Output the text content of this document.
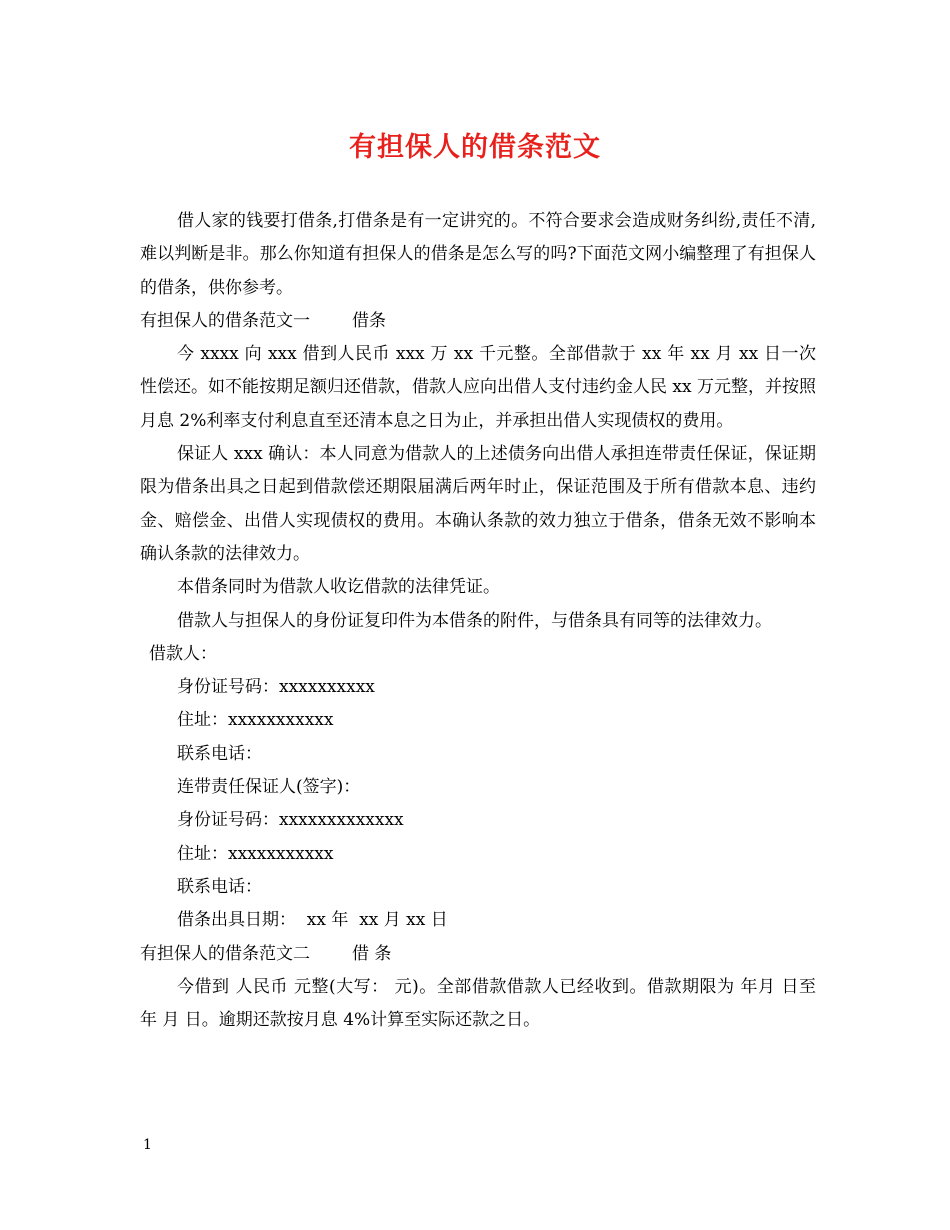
有担保人的借条范文

借人家的钱要打借条,打借条是有一定讲究的。不符合要求会造成财务纠纷,责任不清,难以判断是非。那么你知道有担保人的借条是怎么写的吗?下面范文网小编整理了有担保人的借条，供你参考。

有担保人的借条范文一 借条

今 xxxx 向 xxx 借到人民币 xxx 万 xx 千元整。全部借款于 xx 年 xx 月 xx 日一次性偿还。如不能按期足额归还借款，借款人应向出借人支付违约金人民 xx 万元整，并按照月息 2%利率支付利息直至还清本息之日为止，并承担出借人实现债权的费用。

保证人 xxx 确认：本人同意为借款人的上述债务向出借人承担连带责任保证，保证期限为借条出具之日起到借款偿还期限届满后两年时止，保证范围及于所有借款本息、违约金、赔偿金、出借人实现债权的费用。本确认条款的效力独立于借条，借条无效不影响本确认条款的法律效力。

本借条同时为借款人收讫借款的法律凭证。

借款人与担保人的身份证复印件为本借条的附件，与借条具有同等的法律效力。

借款人：

身份证号码：xxxxxxxxxx

住址：xxxxxxxxxxx

联系电话：

连带责任保证人(签字)：

身份证号码：xxxxxxxxxxxxx

住址：xxxxxxxxxxx

联系电话：

借条出具日期：  xx 年  xx 月 xx 日

有担保人的借条范文二 借 条

今借到 人民币 元整(大写： 元)。全部借款借款人已经收到。借款期限为 年月 日至 年 月 日。逾期还款按月息 4%计算至实际还款之日。

1
